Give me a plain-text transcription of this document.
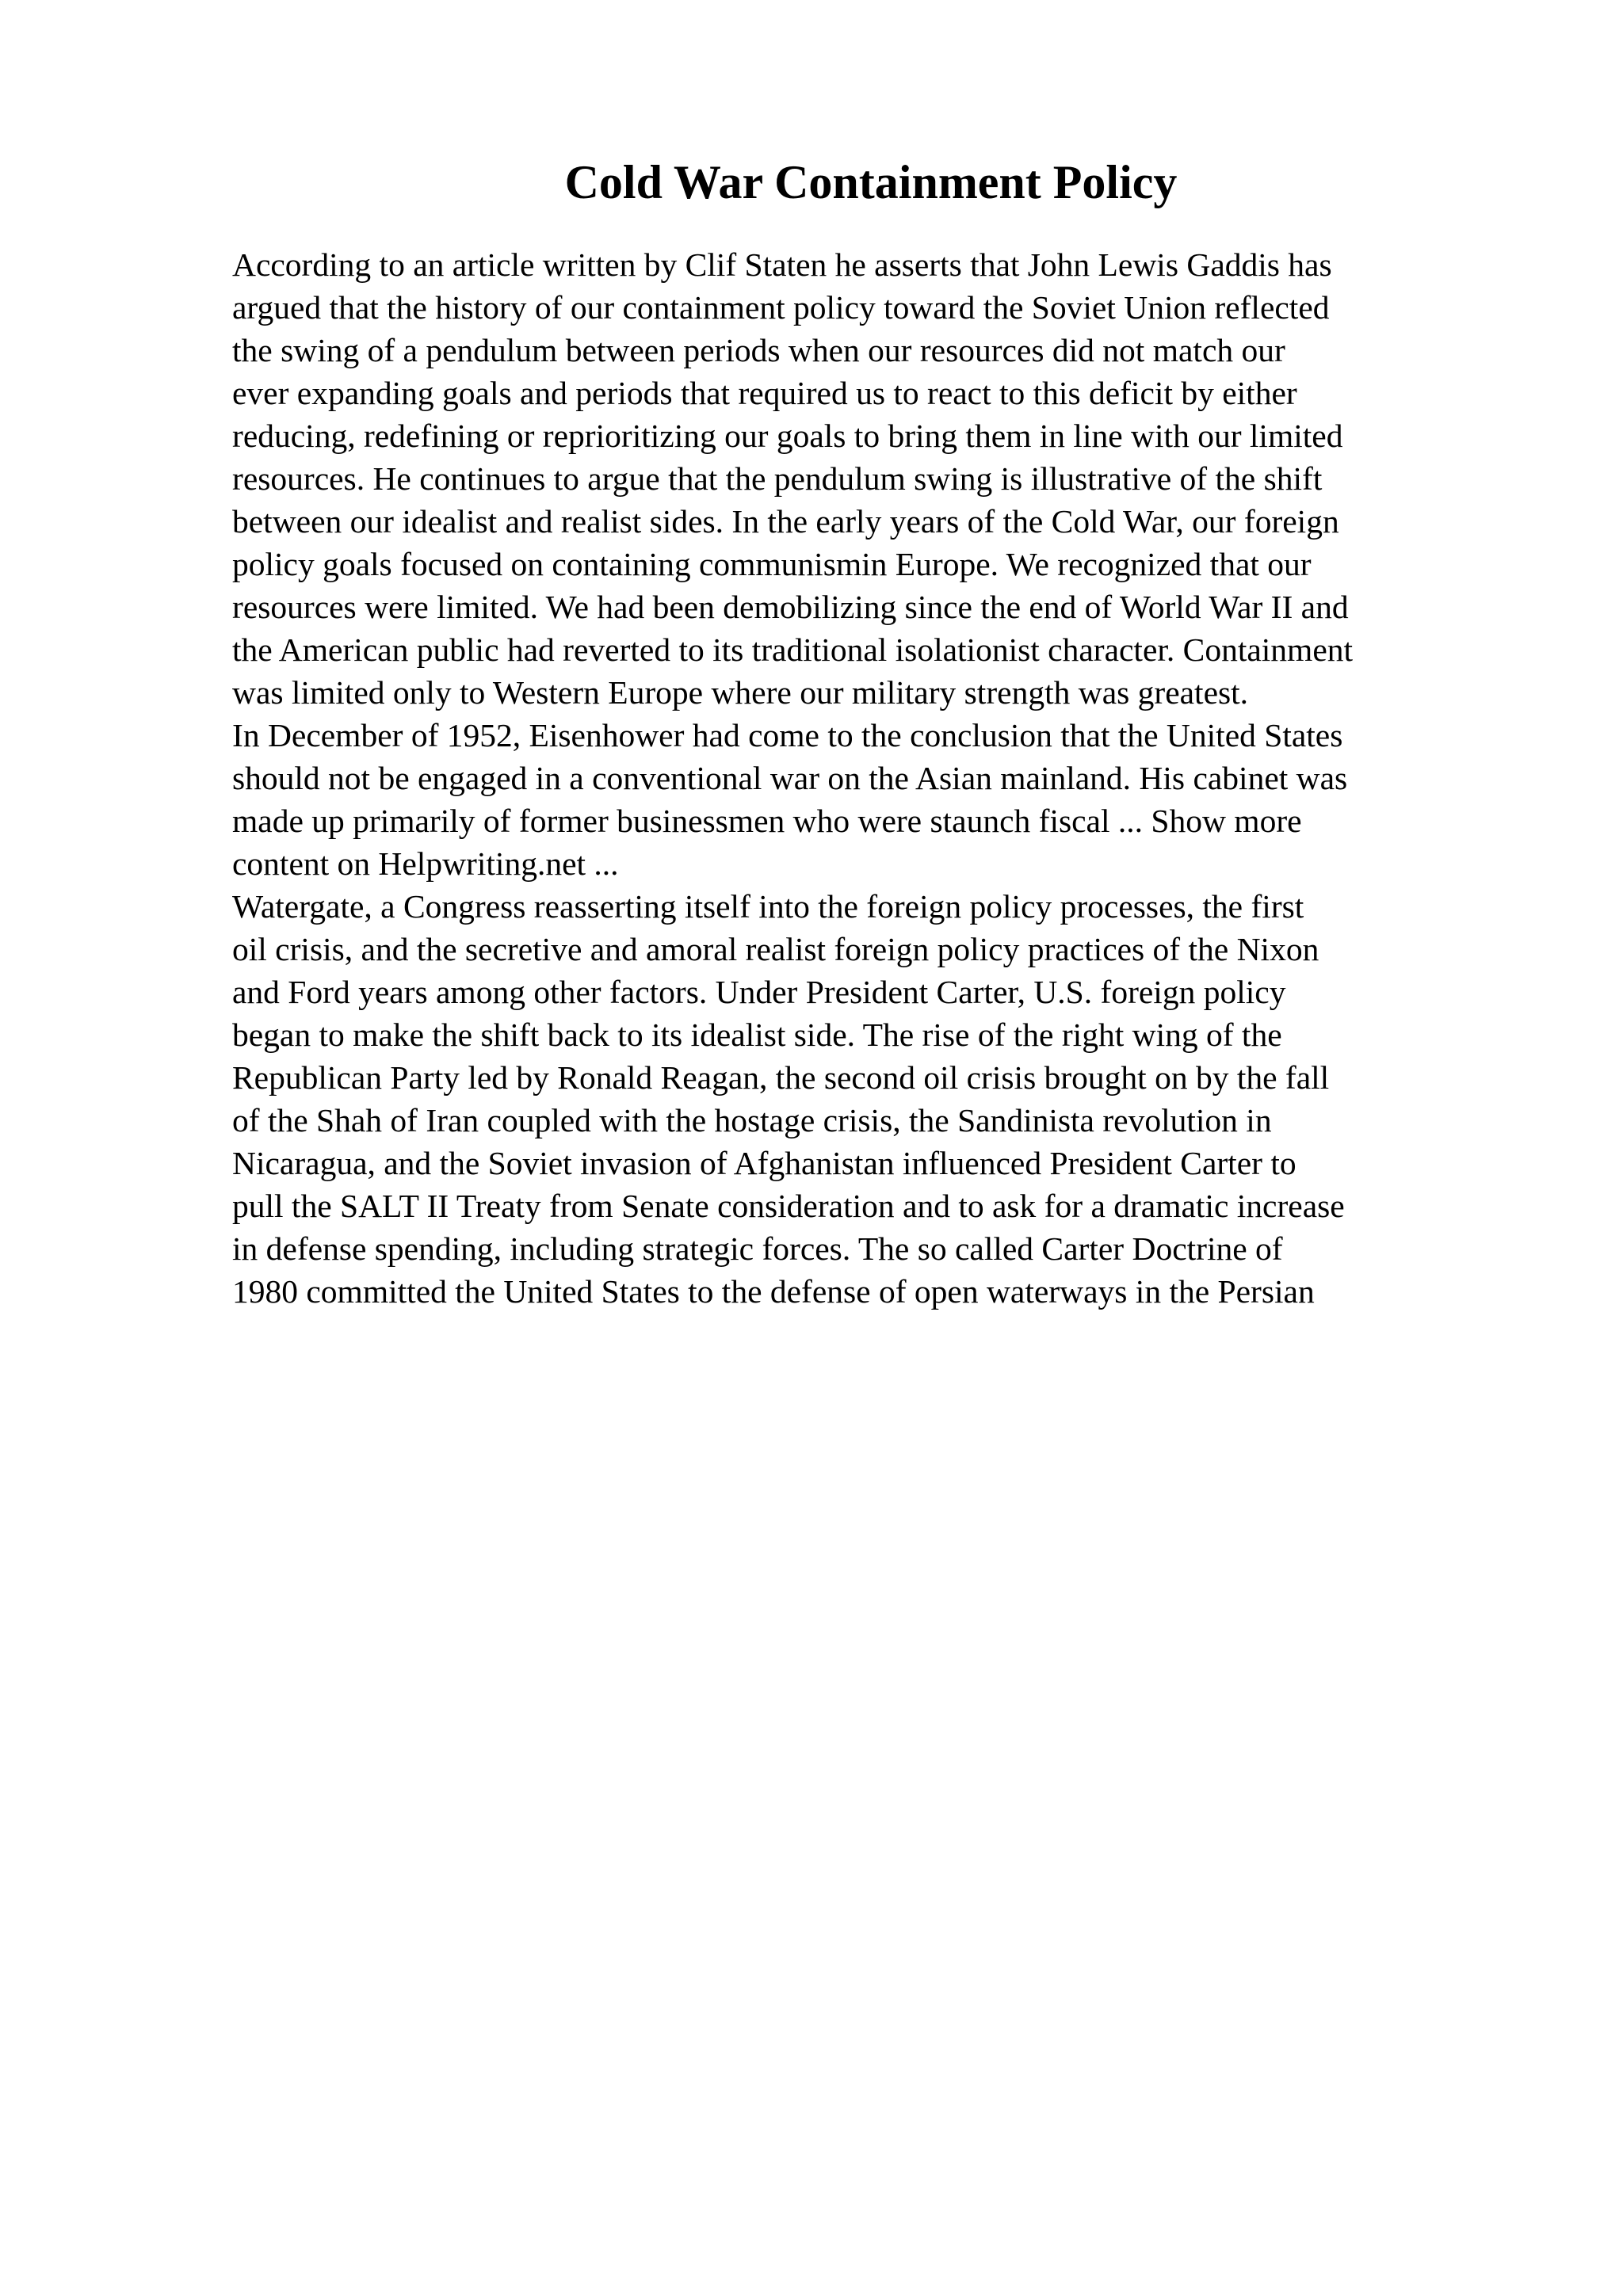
Cold War Containment Policy
According to an article written by Clif Staten he asserts that John Lewis Gaddis has
argued that the history of our containment policy toward the Soviet Union reflected
the swing of a pendulum between periods when our resources did not match our
ever expanding goals and periods that required us to react to this deficit by either
reducing, redefining or reprioritizing our goals to bring them in line with our limited
resources. He continues to argue that the pendulum swing is illustrative of the shift
between our idealist and realist sides. In the early years of the Cold War, our foreign
policy goals focused on containing communismin Europe. We recognized that our
resources were limited. We had been demobilizing since the end of World War II and
the American public had reverted to its traditional isolationist character. Containment
was limited only to Western Europe where our military strength was greatest.
In December of 1952, Eisenhower had come to the conclusion that the United States
should not be engaged in a conventional war on the Asian mainland. His cabinet was
made up primarily of former businessmen who were staunch fiscal ... Show more
content on Helpwriting.net ...
Watergate, a Congress reasserting itself into the foreign policy processes, the first
oil crisis, and the secretive and amoral realist foreign policy practices of the Nixon
and Ford years among other factors. Under President Carter, U.S. foreign policy
began to make the shift back to its idealist side. The rise of the right wing of the
Republican Party led by Ronald Reagan, the second oil crisis brought on by the fall
of the Shah of Iran coupled with the hostage crisis, the Sandinista revolution in
Nicaragua, and the Soviet invasion of Afghanistan influenced President Carter to
pull the SALT II Treaty from Senate consideration and to ask for a dramatic increase
in defense spending, including strategic forces. The so called Carter Doctrine of
1980 committed the United States to the defense of open waterways in the Persian
